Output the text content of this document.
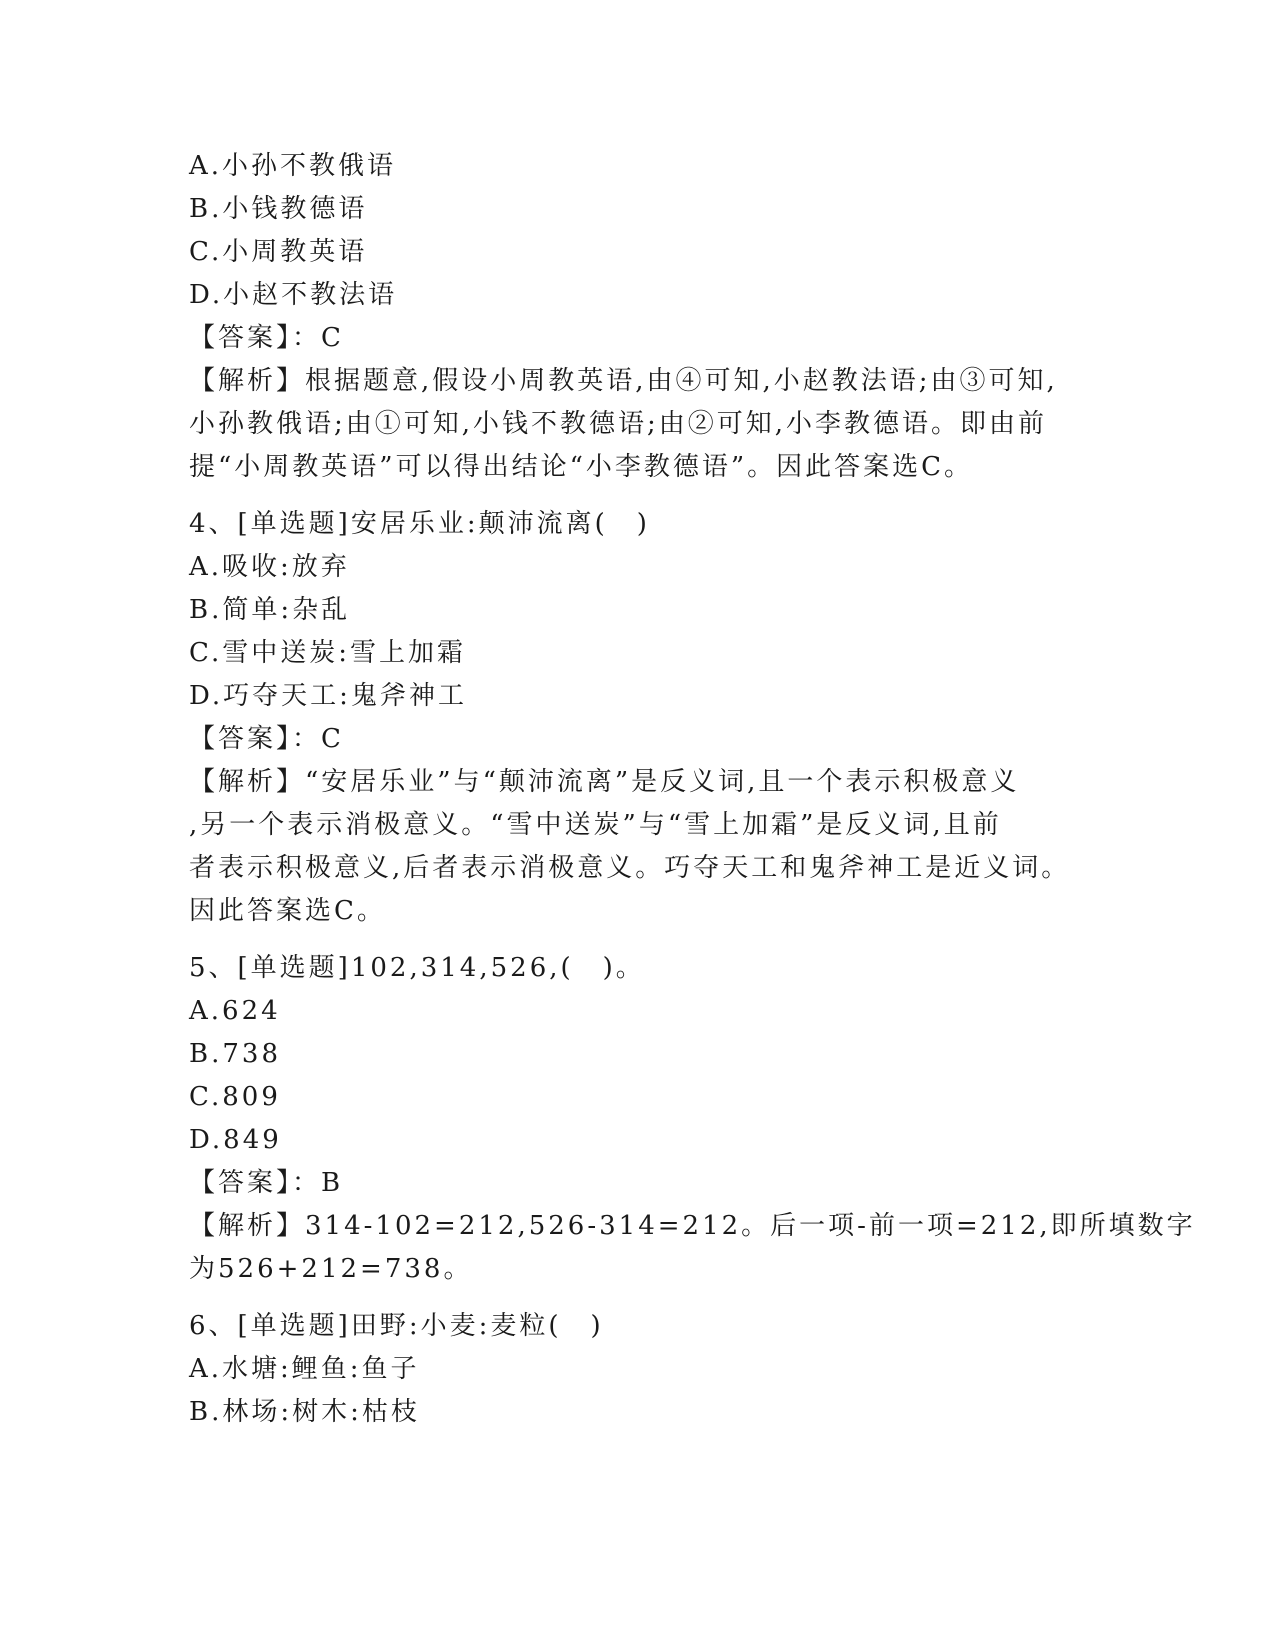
A.小孙不教俄语
B.小钱教德语
C.小周教英语
D.小赵不教法语
【答案】：C
【解析】根据题意,假设小周教英语,由④可知,小赵教法语;由③可知,
小孙教俄语;由①可知,小钱不教德语;由②可知,小李教德语。即由前
提“小周教英语”可以得出结论“小李教德语”。因此答案选C。
4、[单选题]安居乐业:颠沛流离(　)
A.吸收:放弃
B.简单:杂乱
C.雪中送炭:雪上加霜
D.巧夺天工:鬼斧神工
【答案】：C
【解析】“安居乐业”与“颠沛流离”是反义词,且一个表示积极意义
,另一个表示消极意义。“雪中送炭”与“雪上加霜”是反义词,且前
者表示积极意义,后者表示消极意义。巧夺天工和鬼斧神工是近义词。
因此答案选C。
5、[单选题]102,314,526,(　)。
A.624
B.738
C.809
D.849
【答案】：B
【解析】314-102=212,526-314=212。后一项-前一项=212,即所填数字
为526+212=738。
6、[单选题]田野:小麦:麦粒(　)
A.水塘:鲤鱼:鱼子
B.林场:树木:枯枝
